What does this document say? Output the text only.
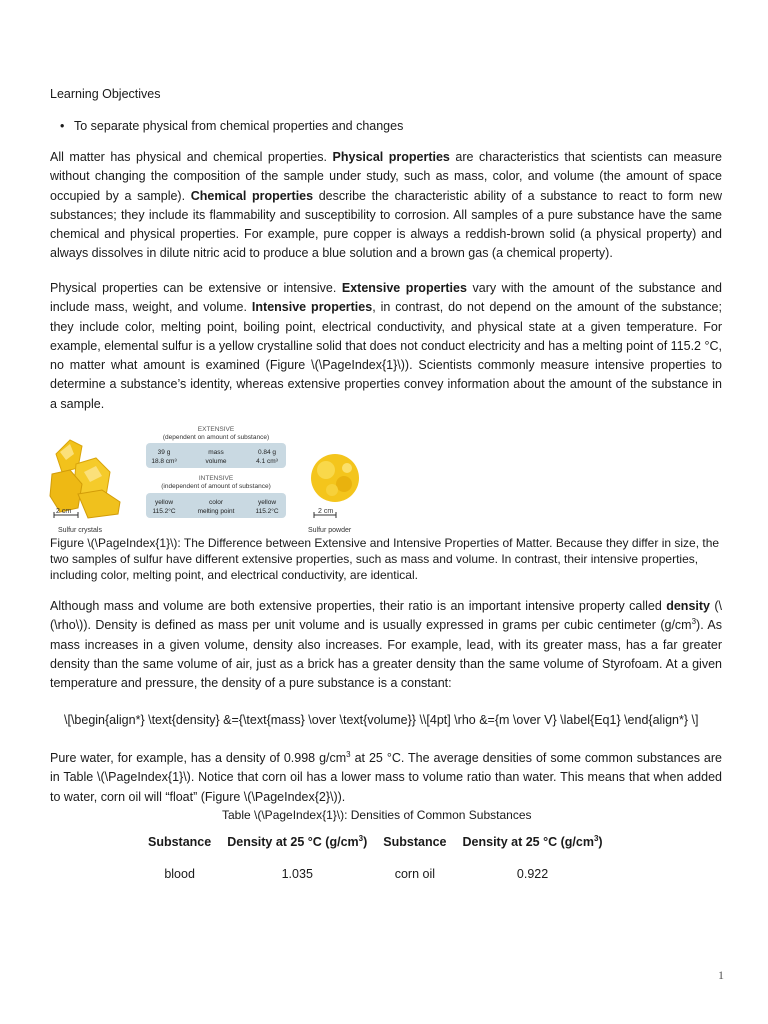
Learning Objectives
• To separate physical from chemical properties and changes
All matter has physical and chemical properties. Physical properties are characteristics that scientists can measure without changing the composition of the sample under study, such as mass, color, and volume (the amount of space occupied by a sample). Chemical properties describe the characteristic ability of a substance to react to form new substances; they include its flammability and susceptibility to corrosion. All samples of a pure substance have the same chemical and physical properties. For example, pure copper is always a reddish-brown solid (a physical property) and always dissolves in dilute nitric acid to produce a blue solution and a brown gas (a chemical property).
Physical properties can be extensive or intensive. Extensive properties vary with the amount of the substance and include mass, weight, and volume. Intensive properties, in contrast, do not depend on the amount of the substance; they include color, melting point, boiling point, electrical conductivity, and physical state at a given temperature. For example, elemental sulfur is a yellow crystalline solid that does not conduct electricity and has a melting point of 115.2 °C, no matter what amount is examined (Figure \(\PageIndex{1}\)). Scientists commonly measure intensive properties to determine a substance’s identity, whereas extensive properties convey information about the amount of the substance in a sample.
2 cm
Sulfur crystals
EXTENSIVE
(dependent on amount of substance)
39 g
18.8 cm³
mass
volume
0.84 g
4.1 cm³
INTENSIVE
(independent of amount of substance)
yellow
115.2°C
color
melting point
yellow
115.2°C	2 cm
Sulfur powder
Figure \(\PageIndex{1}\): The Difference between Extensive and Intensive Properties of Matter. Because they differ in size, the two samples of sulfur have different extensive properties, such as mass and volume. In contrast, their intensive properties, including color, melting point, and electrical conductivity, are identical.
Although mass and volume are both extensive properties, their ratio is an important intensive property called density (\(\rho\)). Density is defined as mass per unit volume and is usually expressed in grams per cubic centimeter $(g/cm^3)$. As mass increases in a given volume, density also increases. For example, lead, with its greater mass, has a far greater density than the same volume of air, just as a brick has a greater density than the same volume of Styrofoam. At a given temperature and pressure, the density of a pure substance is a constant:
\[\begin{align*} \text{density} &={\text{mass} \over \text{volume}} \\[4pt] \rho &={m \over V} \label{Eq1} \end{align*} \]
Pure water, for example, has a density of 0.998 $g/cm^3$ at 25 °C. The average densities of some common substances are in Table \(\PageIndex{1}\). Notice that corn oil has a lower mass to volume ratio than water. This means that when added to water, corn oil will “float” (Figure \(\PageIndex{2}\)).
Table \(\PageIndex{1}\): Densities of Common Substances
Substance	Density at 25 °C $(g/cm^3)$	Substance	Density at 25 °C $(g/cm^3)$
blood	1.035	corn oil	0.922
1
